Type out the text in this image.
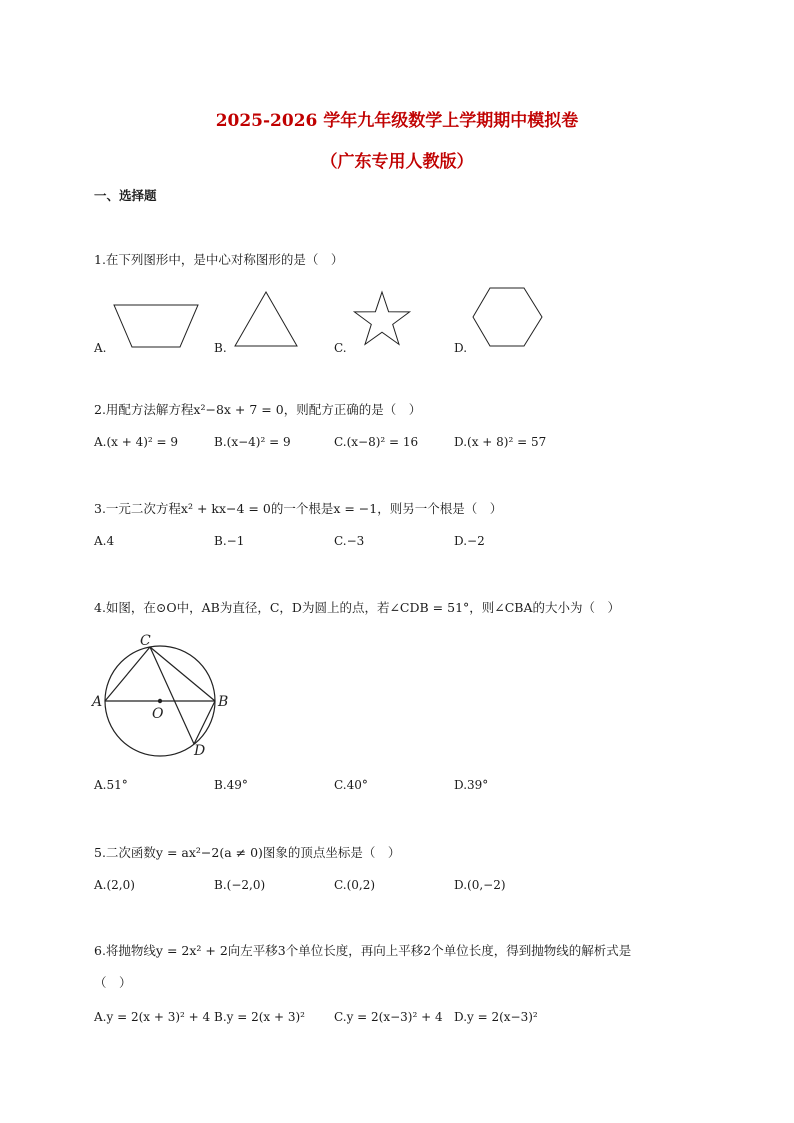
2025-2026 学年九年级数学上学期期中模拟卷
（广东专用人教版）
一、选择题
1.在下列图形中，是中心对称图形的是（　）
A.	B.	C.	D.
2.用配方法解方程x²−8x + 7 = 0，则配方正确的是（　）
A.(x + 4)² = 9	B.(x−4)² = 9	C.(x−8)² = 16	D.(x + 8)² = 57
3.一元二次方程x² + kx−4 = 0的一个根是x = −1，则另一个根是（　）
A.4	B.−1	C.−3	D.−2
4.如图，在⊙O中，AB为直径，C，D为圆上的点，若∠CDB = 51°，则∠CBA的大小为（　）
A	B
C
D
O
A.51°	B.49°	C.40°	D.39°
5.二次函数y = ax²−2(a ≠ 0)图象的顶点坐标是（　）
A.(2,0)	B.(−2,0)	C.(0,2)	D.(0,−2)
6.将抛物线y = 2x² + 2向左平移3个单位长度，再向上平移2个单位长度，得到抛物线的解析式是
（　）
A.y = 2(x + 3)² + 4 B.y = 2(x + 3)² C.y = 2(x−3)² + 4 D.y = 2(x−3)²
